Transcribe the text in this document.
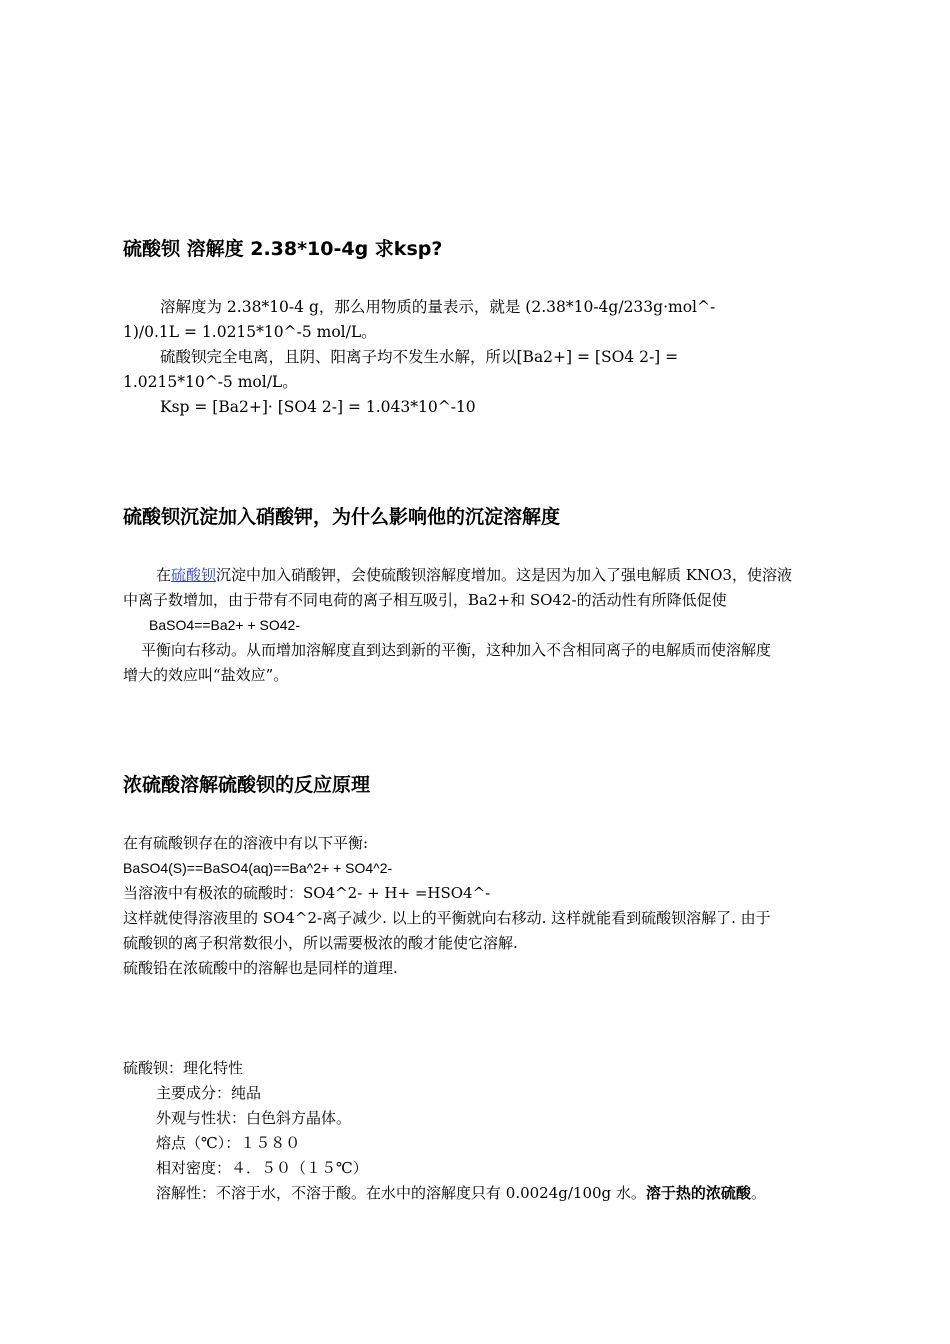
硫酸钡 溶解度 2.38*10-4g 求ksp?
溶解度为 2.38*10-4 g，那么用物质的量表示，就是 (2.38*10-4g/233g·mol^-
1)/0.1L = 1.0215*10^-5 mol/L。
硫酸钡完全电离，且阴、阳离子均不发生水解，所以[Ba2+] = [SO4 2-] =
1.0215*10^-5 mol/L。
Ksp = [Ba2+]· [SO4 2-] = 1.043*10^-10
硫酸钡沉淀加入硝酸钾，为什么影响他的沉淀溶解度
在硫酸钡沉淀中加入硝酸钾，会使硫酸钡溶解度增加。这是因为加入了强电解质 KNO3，使溶液
中离子数增加，由于带有不同电荷的离子相互吸引，Ba2+和 SO42-的活动性有所降低促使
BaSO4==Ba2+ + SO42-
平衡向右移动。从而增加溶解度直到达到新的平衡，这种加入不含相同离子的电解质而使溶解度
增大的效应叫“盐效应”。
浓硫酸溶解硫酸钡的反应原理
在有硫酸钡存在的溶液中有以下平衡:
BaSO4(S)==BaSO4(aq)==Ba^2+ + SO4^2-
当溶液中有极浓的硫酸时：SO4^2- + H+ =HSO4^-
这样就使得溶液里的 SO4^2-离子减少. 以上的平衡就向右移动. 这样就能看到硫酸钡溶解了. 由于
硫酸钡的离子积常数很小，所以需要极浓的酸才能使它溶解.
硫酸铅在浓硫酸中的溶解也是同样的道理.
硫酸钡：理化特性
主要成分：纯品
外观与性状：白色斜方晶体。
熔点（℃）：１５８０
相对密度：４．５０（１５℃）
溶解性：不溶于水，不溶于酸。在水中的溶解度只有 0.0024g/100g 水。溶于热的浓硫酸。
